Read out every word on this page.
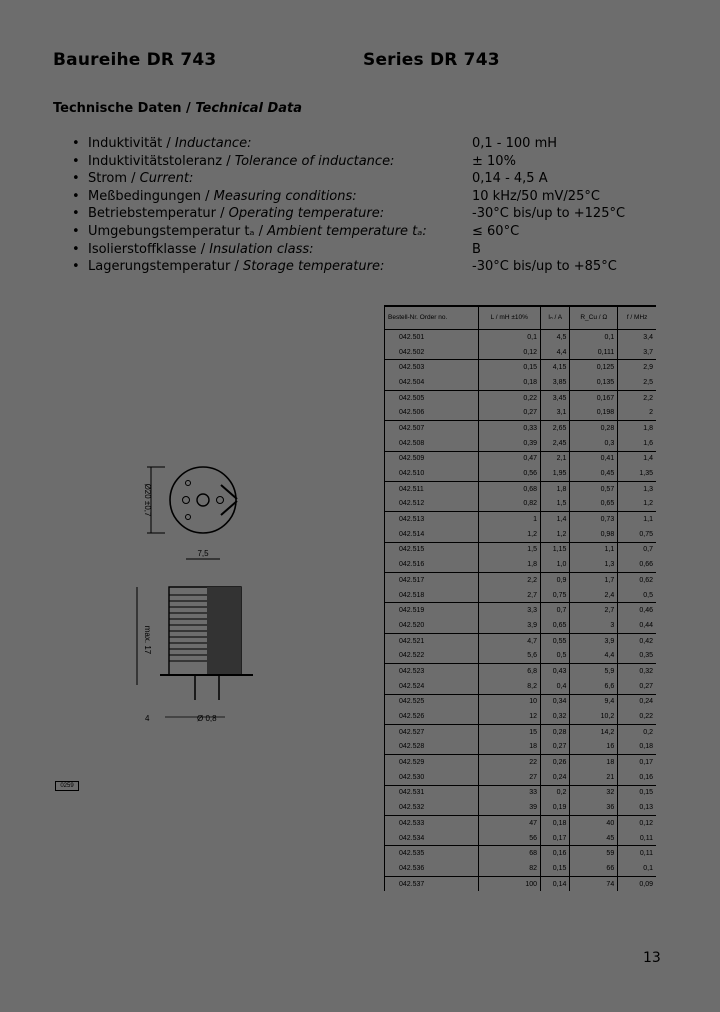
Baureihe DR 743	Series DR 743
Technische Daten / Technical Data
• Induktivität / Inductance:	0,1 - 100 mH
• Induktivitätstoleranz / Tolerance of inductance:	± 10%
• Strom / Current:	0,14 - 4,5 A
• Meßbedingungen / Measuring conditions:	10 kHz/50 mV/25°C
• Betriebstemperatur / Operating temperature:	-30°C bis/up to +125°C
• Umgebungstemperatur tₐ / Ambient temperature tₐ:	≤ 60°C
• Isolierstoffklasse / Insulation class:	B
• Lagerungstemperatur / Storage temperature:	-30°C bis/up to +85°C
Ø20 ±0,7
7,5
max. 17
4	Ø 0,8
0259
Bestell-Nr. Order no.	L / mH ±10%	Iₙ / A	R_Cu / Ω	f / MHz
042.501	0,1	4,5	0,1	3,4
042.502	0,12	4,4	0,111	3,7
042.503	0,15	4,15	0,125	2,9
042.504	0,18	3,85	0,135	2,5
042.505	0,22	3,45	0,167	2,2
042.506	0,27	3,1	0,198	2
042.507	0,33	2,65	0,28	1,8
042.508	0,39	2,45	0,3	1,6
042.509	0,47	2,1	0,41	1,4
042.510	0,56	1,95	0,45	1,35
042.511	0,68	1,8	0,57	1,3
042.512	0,82	1,5	0,65	1,2
042.513	1	1,4	0,73	1,1
042.514	1,2	1,2	0,98	0,75
042.515	1,5	1,15	1,1	0,7
042.516	1,8	1,0	1,3	0,66
042.517	2,2	0,9	1,7	0,62
042.518	2,7	0,75	2,4	0,5
042.519	3,3	0,7	2,7	0,46
042.520	3,9	0,65	3	0,44
042.521	4,7	0,55	3,9	0,42
042.522	5,6	0,5	4,4	0,35
042.523	6,8	0,43	5,9	0,32
042.524	8,2	0,4	6,6	0,27
042.525	10	0,34	9,4	0,24
042.526	12	0,32	10,2	0,22
042.527	15	0,28	14,2	0,2
042.528	18	0,27	16	0,18
042.529	22	0,26	18	0,17
042.530	27	0,24	21	0,16
042.531	33	0,2	32	0,15
042.532	39	0,19	36	0,13
042.533	47	0,18	40	0,12
042.534	56	0,17	45	0,11
042.535	68	0,16	59	0,11
042.536	82	0,15	66	0,1
042.537	100	0,14	74	0,09
13
